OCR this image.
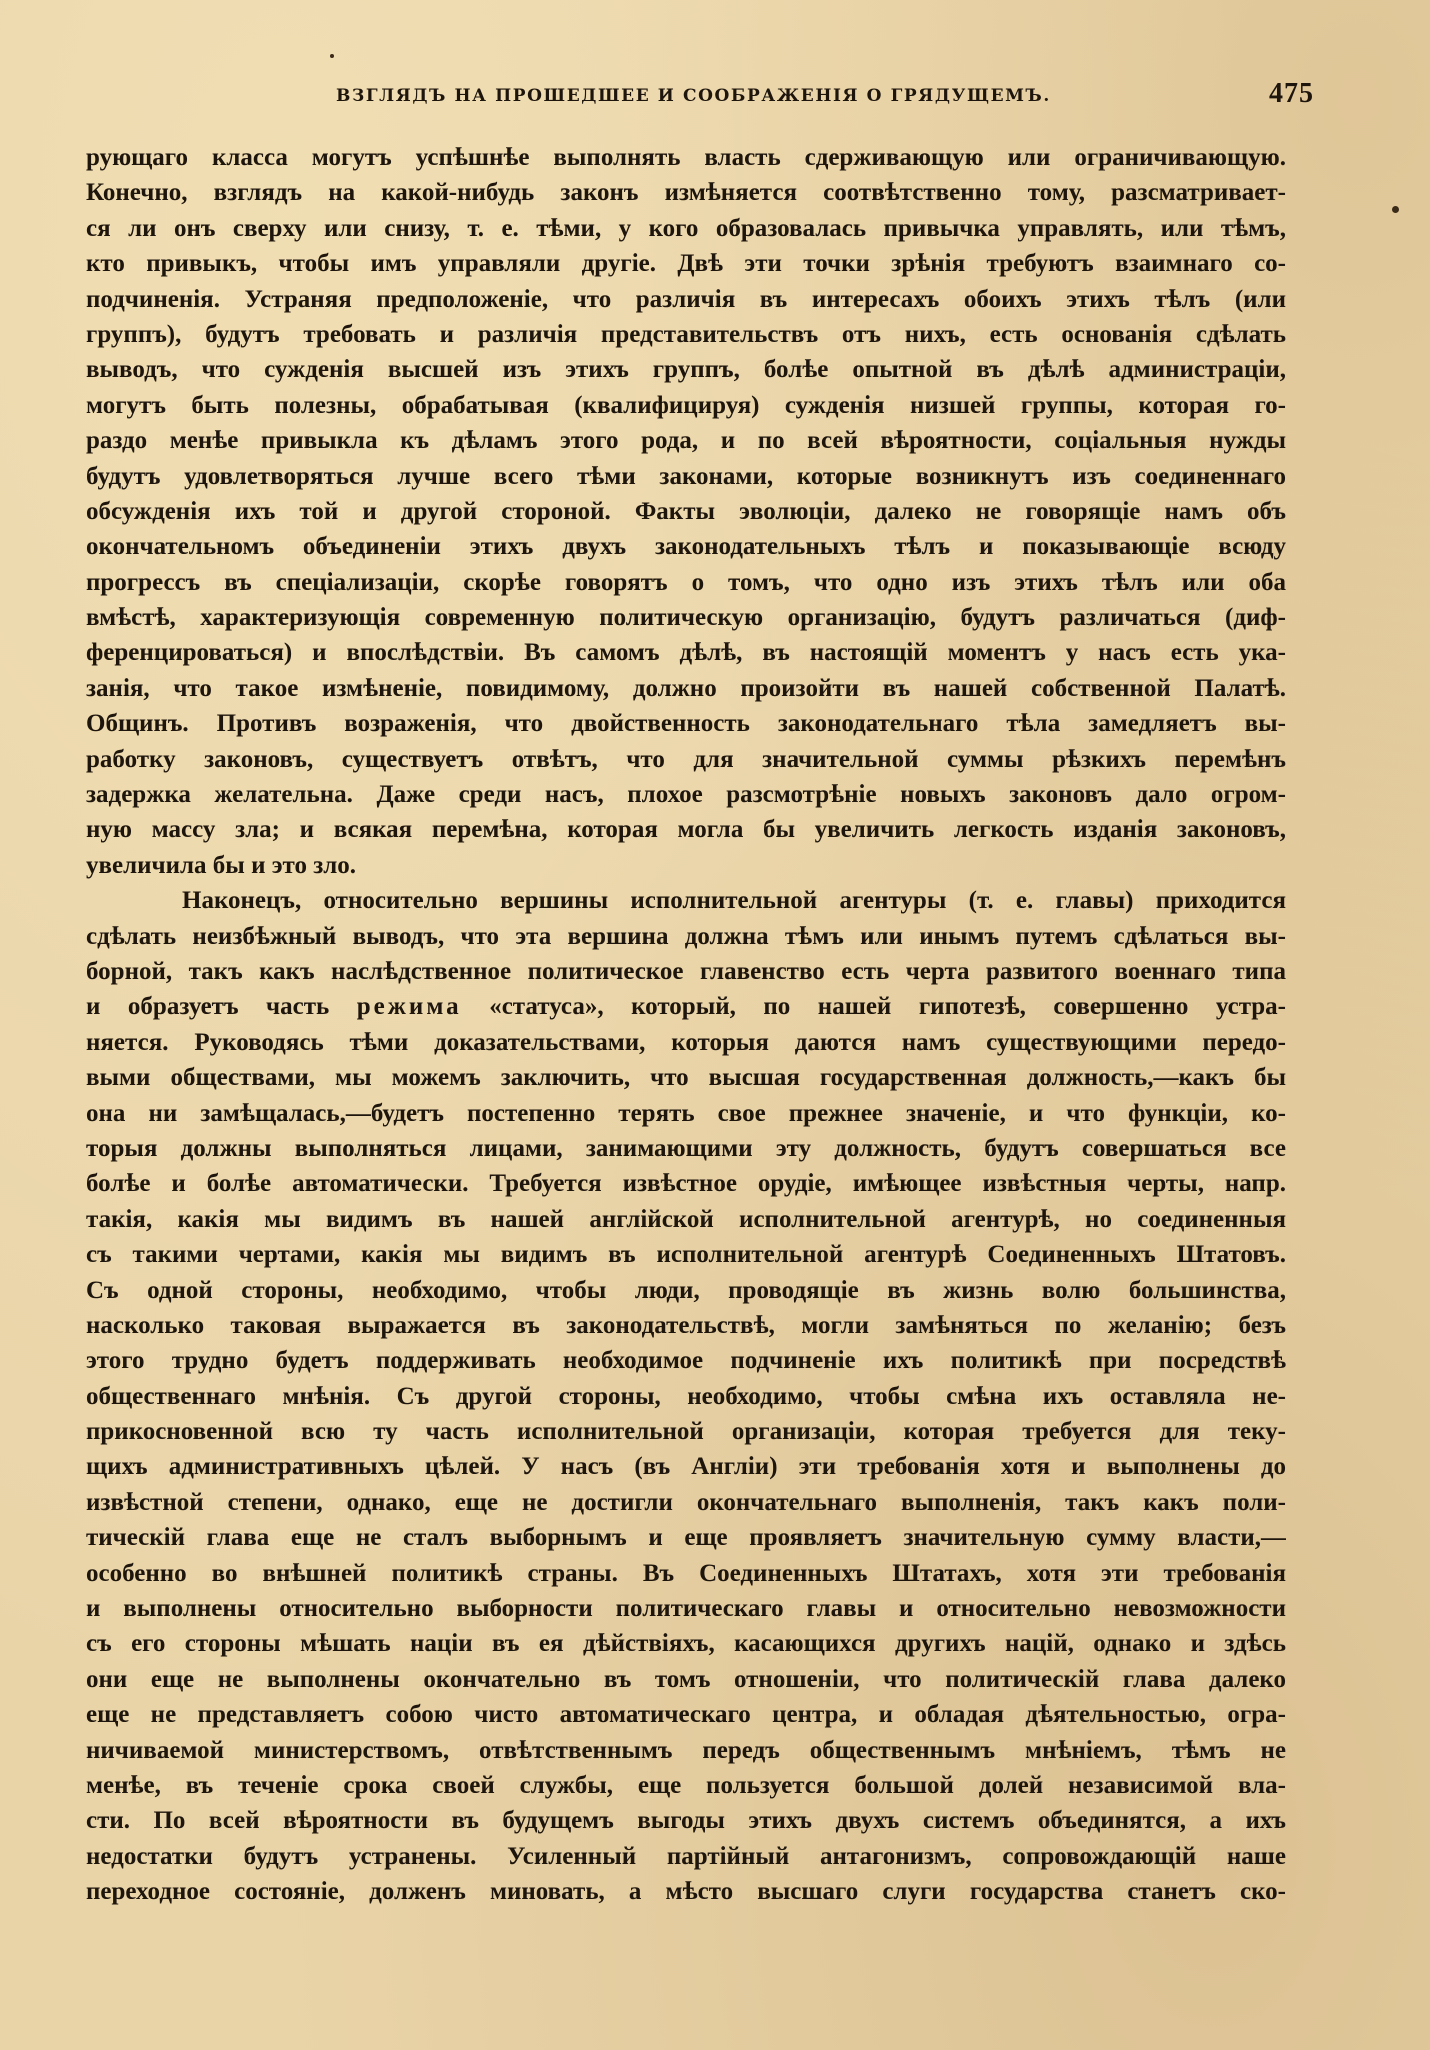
ВЗГЛЯДЪ НА ПРОШЕДШЕЕ И СООБРАЖЕНІЯ О ГРЯДУЩЕМЪ.	475
рующаго класса могутъ успѣшнѣе выполнять власть сдерживающую или ограничивающую.
Конечно, взглядъ на какой-нибудь законъ измѣняется соотвѣтственно тому, разсматривает-
ся ли онъ сверху или снизу, т. е. тѣми, у кого образовалась привычка управлять, или тѣмъ,
кто привыкъ, чтобы имъ управляли другіе. Двѣ эти точки зрѣнія требуютъ взаимнаго со-
подчиненія. Устраняя предположеніе, что различія въ интересахъ обоихъ этихъ тѣлъ (или
группъ), будутъ требовать и различія представительствъ отъ нихъ, есть основанія сдѣлать
выводъ, что сужденія высшей изъ этихъ группъ, болѣе опытной въ дѣлѣ администраціи,
могутъ быть полезны, обрабатывая (квалифицируя) сужденія низшей группы, которая го-
раздо менѣе привыкла къ дѣламъ этого рода, и по всей вѣроятности, соціальныя нужды
будутъ удовлетворяться лучше всего тѣми законами, которые возникнутъ изъ соединеннаго
обсужденія ихъ той и другой стороной. Факты эволюціи, далеко не говорящіе намъ объ
окончательномъ объединеніи этихъ двухъ законодательныхъ тѣлъ и показывающіе всюду
прогрессъ въ спеціализаціи, скорѣе говорятъ о томъ, что одно изъ этихъ тѣлъ или оба
вмѣстѣ, характеризующія современную политическую организацію, будутъ различаться (диф-
ференцироваться) и впослѣдствіи. Въ самомъ дѣлѣ, въ настоящій моментъ у насъ есть ука-
занія, что такое измѣненіе, повидимому, должно произойти въ нашей собственной Палатѣ.
Общинъ. Противъ возраженія, что двойственность законодательнаго тѣла замедляетъ вы-
работку законовъ, существуетъ отвѣтъ, что для значительной суммы рѣзкихъ перемѣнъ
задержка желательна. Даже среди насъ, плохое разсмотрѣніе новыхъ законовъ дало огром-
ную массу зла; и всякая перемѣна, которая могла бы увеличить легкость изданія законовъ,
увеличила бы и это зло.
Наконецъ, относительно вершины исполнительной агентуры (т. е. главы) приходится
сдѣлать неизбѣжный выводъ, что эта вершина должна тѣмъ или инымъ путемъ сдѣлаться вы-
борной, такъ какъ наслѣдственное политическое главенство есть черта развитого военнаго типа
и образуетъ часть режима «статуса», который, по нашей гипотезѣ, совершенно устра-
няется. Руководясь тѣми доказательствами, которыя даются намъ существующими передо-
выми обществами, мы можемъ заключить, что высшая государственная должность,—какъ бы
она ни замѣщалась,—будетъ постепенно терять свое прежнее значеніе, и что функціи, ко-
торыя должны выполняться лицами, занимающими эту должность, будутъ совершаться все
болѣе и болѣе автоматически. Требуется извѣстное орудіе, имѣющее извѣстныя черты, напр.
такія, какія мы видимъ въ нашей англійской исполнительной агентурѣ, но соединенныя
съ такими чертами, какія мы видимъ въ исполнительной агентурѣ Соединенныхъ Штатовъ.
Съ одной стороны, необходимо, чтобы люди, проводящіе въ жизнь волю большинства,
насколько таковая выражается въ законодательствѣ, могли замѣняться по желанію; безъ
этого трудно будетъ поддерживать необходимое подчиненіе ихъ политикѣ при посредствѣ
общественнаго мнѣнія. Съ другой стороны, необходимо, чтобы смѣна ихъ оставляла не-
прикосновенной всю ту часть исполнительной организаціи, которая требуется для теку-
щихъ административныхъ цѣлей. У насъ (въ Англіи) эти требованія хотя и выполнены до
извѣстной степени, однако, еще не достигли окончательнаго выполненія, такъ какъ поли-
тическій глава еще не сталъ выборнымъ и еще проявляетъ значительную сумму власти,—
особенно во внѣшней политикѣ страны. Въ Соединенныхъ Штатахъ, хотя эти требованія
и выполнены относительно выборности политическаго главы и относительно невозможности
съ его стороны мѣшать націи въ ея дѣйствіяхъ, касающихся другихъ націй, однако и здѣсь
они еще не выполнены окончательно въ томъ отношеніи, что политическій глава далеко
еще не представляетъ собою чисто автоматическаго центра, и обладая дѣятельностью, огра-
ничиваемой министерствомъ, отвѣтственнымъ передъ общественнымъ мнѣніемъ, тѣмъ не
менѣе, въ теченіе срока своей службы, еще пользуется большой долей независимой вла-
сти. По всей вѣроятности въ будущемъ выгоды этихъ двухъ системъ объединятся, а ихъ
недостатки будутъ устранены. Усиленный партійный антагонизмъ, сопровождающій наше
переходное состояніе, долженъ миновать, а мѣсто высшаго слуги государства станетъ ско-
